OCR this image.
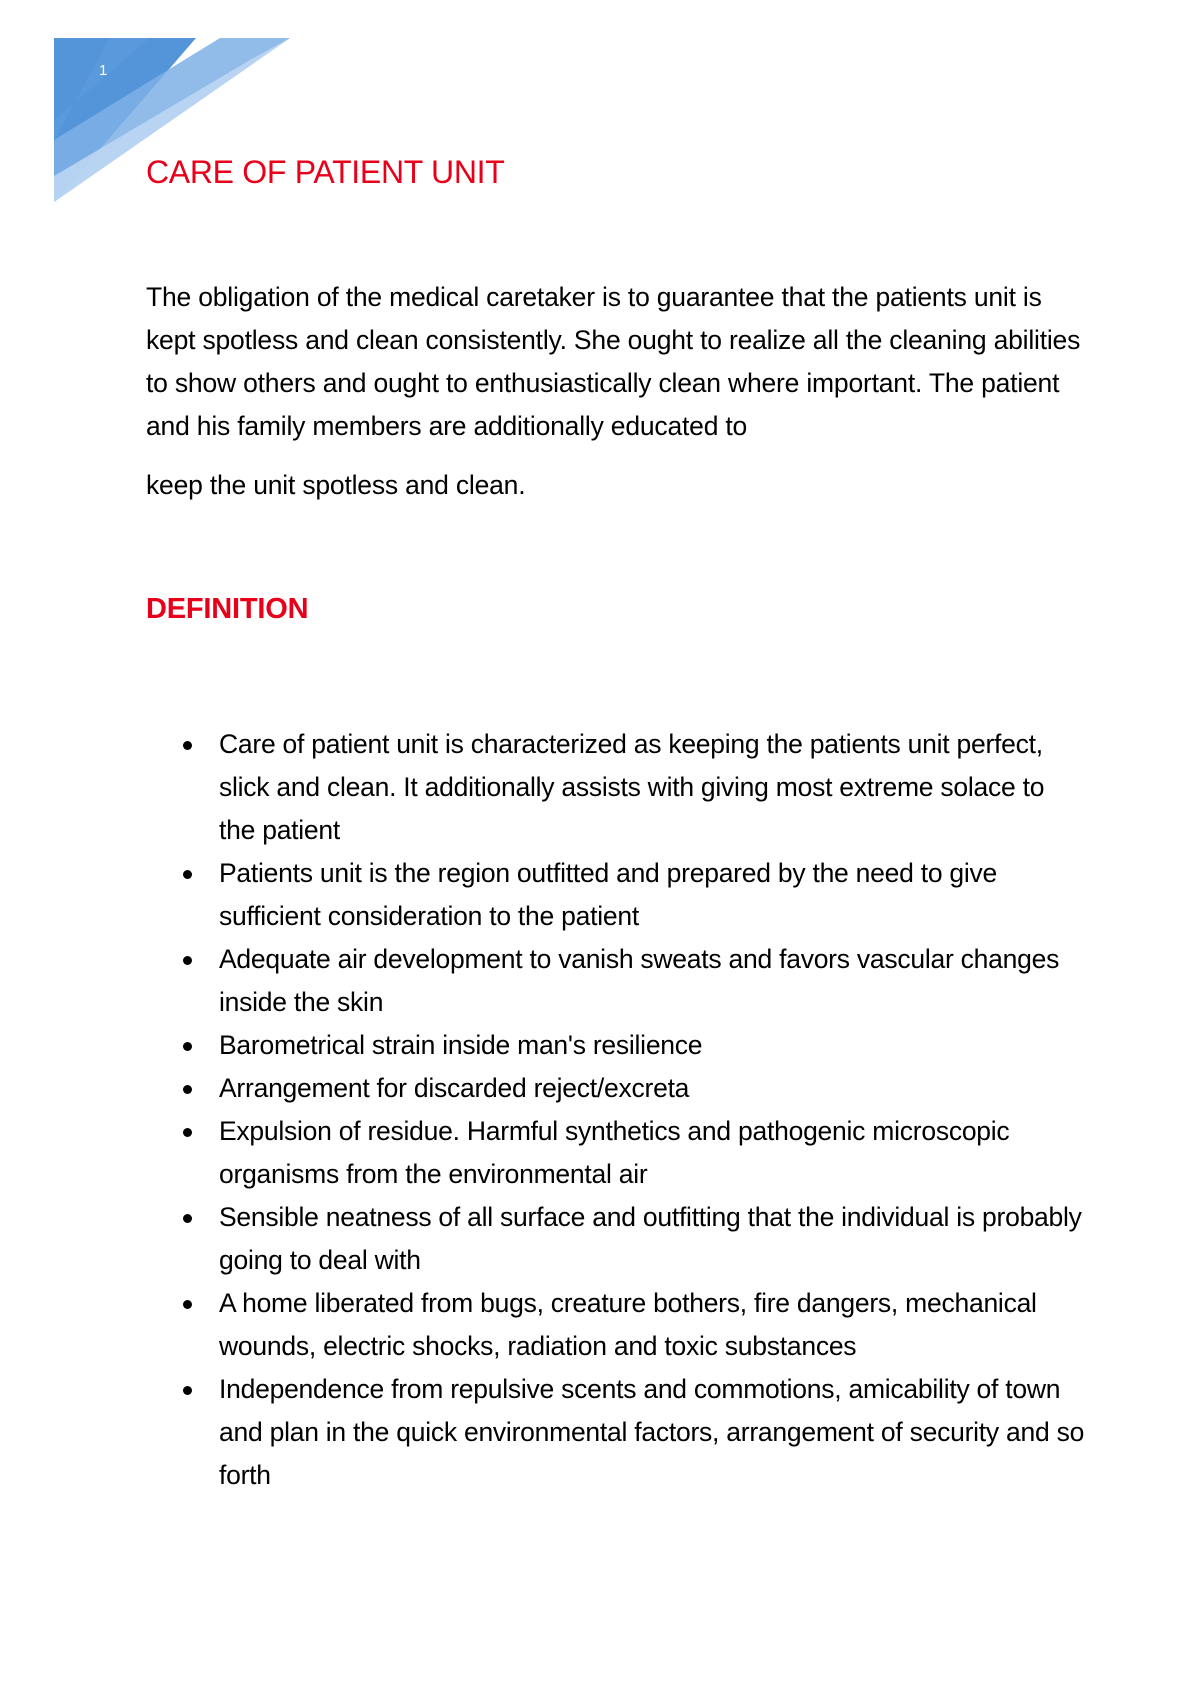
1
CARE OF PATIENT UNIT

The obligation of the medical caretaker is to guarantee that the patients unit is kept spotless and clean consistently. She ought to realize all the cleaning abilities to show others and ought to enthusiastically clean where important. The patient and his family members are additionally educated to

keep the unit spotless and clean.

DEFINITION
Care of patient unit is characterized as keeping the patients unit perfect, slick and clean. It additionally assists with giving most extreme solace to the patient
Patients unit is the region outfitted and prepared by the need to give sufficient consideration to the patient
Adequate air development to vanish sweats and favors vascular changes inside the skin
Barometrical strain inside man's resilience
Arrangement for discarded reject/excreta
Expulsion of residue. Harmful synthetics and pathogenic microscopic organisms from the environmental air
Sensible neatness of all surface and outfitting that the individual is probably going to deal with
A home liberated from bugs, creature bothers, fire dangers, mechanical wounds, electric shocks, radiation and toxic substances
Independence from repulsive scents and commotions, amicability of town and plan in the quick environmental factors, arrangement of security and so forth
